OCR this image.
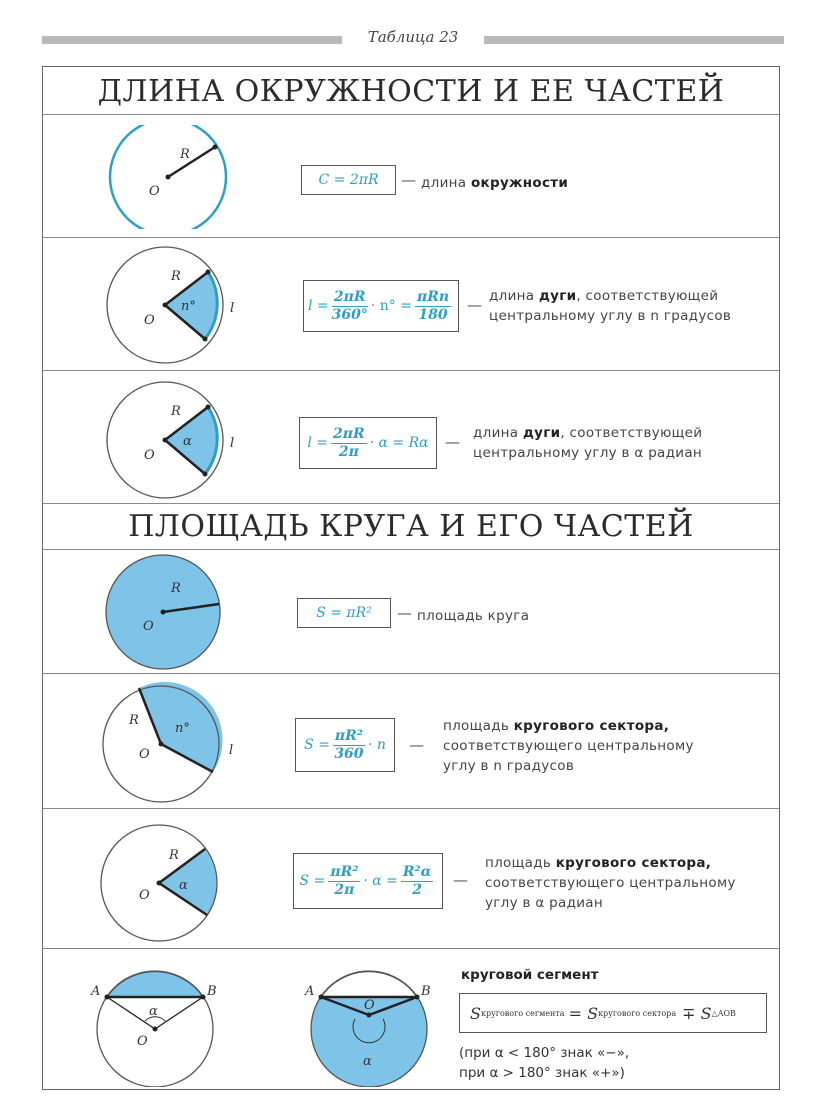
Таблица 23
ДЛИНА ОКРУЖНОСТИ И ЕЕ ЧАСТЕЙ
R
O
C = 2πR	— длина окружности
R
O
n°	l	$l = \frac{2\pi R}{360^\circ} \cdot n^\circ = \frac{\text{πRn}}{180}$ — длина дуги, соответствующей
центральному углу в n градусов
R
O
α	l	$l = \frac{2\pi R}{2\pi} \cdot \alpha = R\alpha$ — длина дуги, соответствующей
центральному углу в α радиан
ПЛОЩАДЬ КРУГА И ЕГО ЧАСТЕЙ
R
O
S = πR²	— площадь круга
R
O
n°
l	$S = \frac{\text{πR²}}{360} \cdot n$ —
площадь кругового сектора,
соответствующего центральному
углу в n градусов
R
O
α	$S = \frac{\text{πR²}}{2\pi} \cdot \alpha = \frac{\text{R²α}}{2}$ —
площадь кругового сектора,
соответствующего центральному
углу в α радиан
A	B
α
O
A	B
O
α
круговой сегмент
S кругового сегмента = S кругового сектора ∓ S △AOB
(при α < 180° знак «−»,
при α > 180° знак «+»)
